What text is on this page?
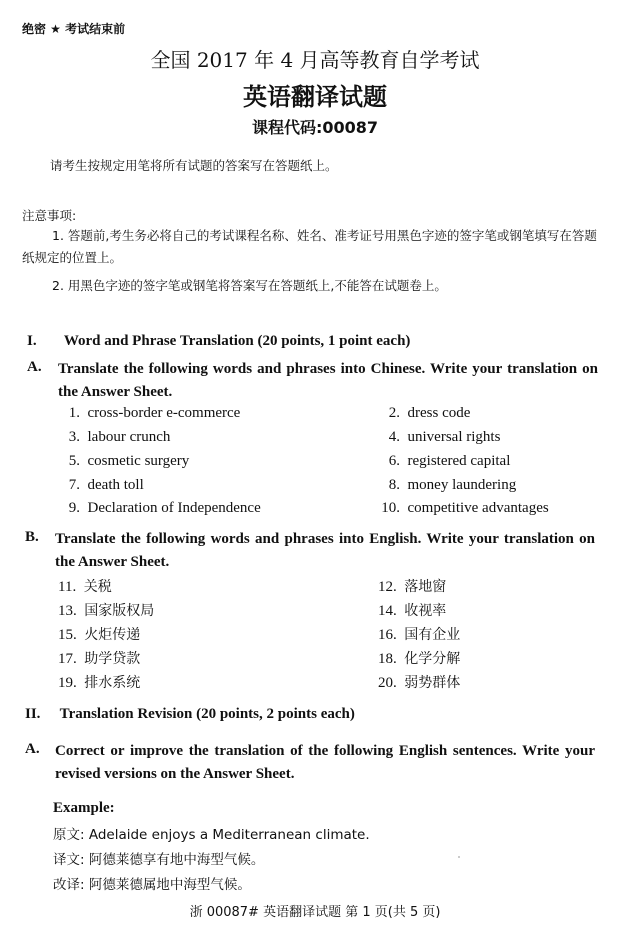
绝密 ★ 考试结束前
全国 2017 年 4 月高等教育自学考试
英语翻译试题
课程代码:00087
请考生按规定用笔将所有试题的答案写在答题纸上。
注意事项:
1. 答题前,考生务必将自己的考试课程名称、姓名、准考证号用黑色字迹的签字笔或钢笔填写在答题纸规定的位置上。
2. 用黑色字迹的签字笔或钢笔将答案写在答题纸上,不能答在试题卷上。
I. Word and Phrase Translation (20 points, 1 point each)
A. Translate the following words and phrases into Chinese. Write your translation on the Answer Sheet.
1. cross-border e-commerce	2. dress code
3. labour crunch	4. universal rights
5. cosmetic surgery	6. registered capital
7. death toll	8. money laundering
9. Declaration of Independence	10. competitive advantages
B. Translate the following words and phrases into English. Write your translation on the Answer Sheet.
11. 关税	12. 落地窗
13. 国家版权局	14. 收视率
15. 火炬传递	16. 国有企业
17. 助学贷款	18. 化学分解
19. 排水系统	20. 弱势群体
II. Translation Revision (20 points, 2 points each)
A. Correct or improve the translation of the following English sentences. Write your revised versions on the Answer Sheet.
Example:
原文: Adelaide enjoys a Mediterranean climate.
译文: 阿德莱德享有地中海型气候。
改译: 阿德莱德属地中海型气候。
浙 00087# 英语翻译试题 第 1 页(共 5 页)
